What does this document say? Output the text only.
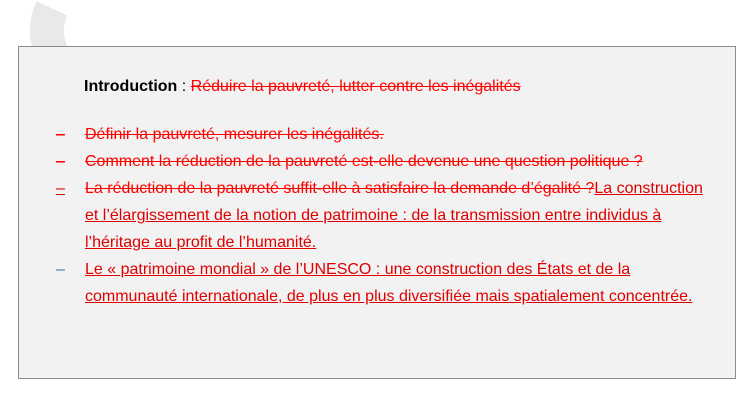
Introduction : Réduire la pauvreté, lutter contre les inégalités
–	Définir la pauvreté, mesurer les inégalités.
–	Comment la réduction de la pauvreté est-elle devenue une question politique ?
–	La réduction de la pauvreté suffit-elle à satisfaire la demande d’égalité ?La construction et l’élargissement de la notion de patrimoine : de la transmission entre individus à l’héritage au profit de l’humanité.
–	Le « patrimoine mondial » de l’UNESCO : une construction des États et de la communauté internationale, de plus en plus diversifiée mais spatialement concentrée.
